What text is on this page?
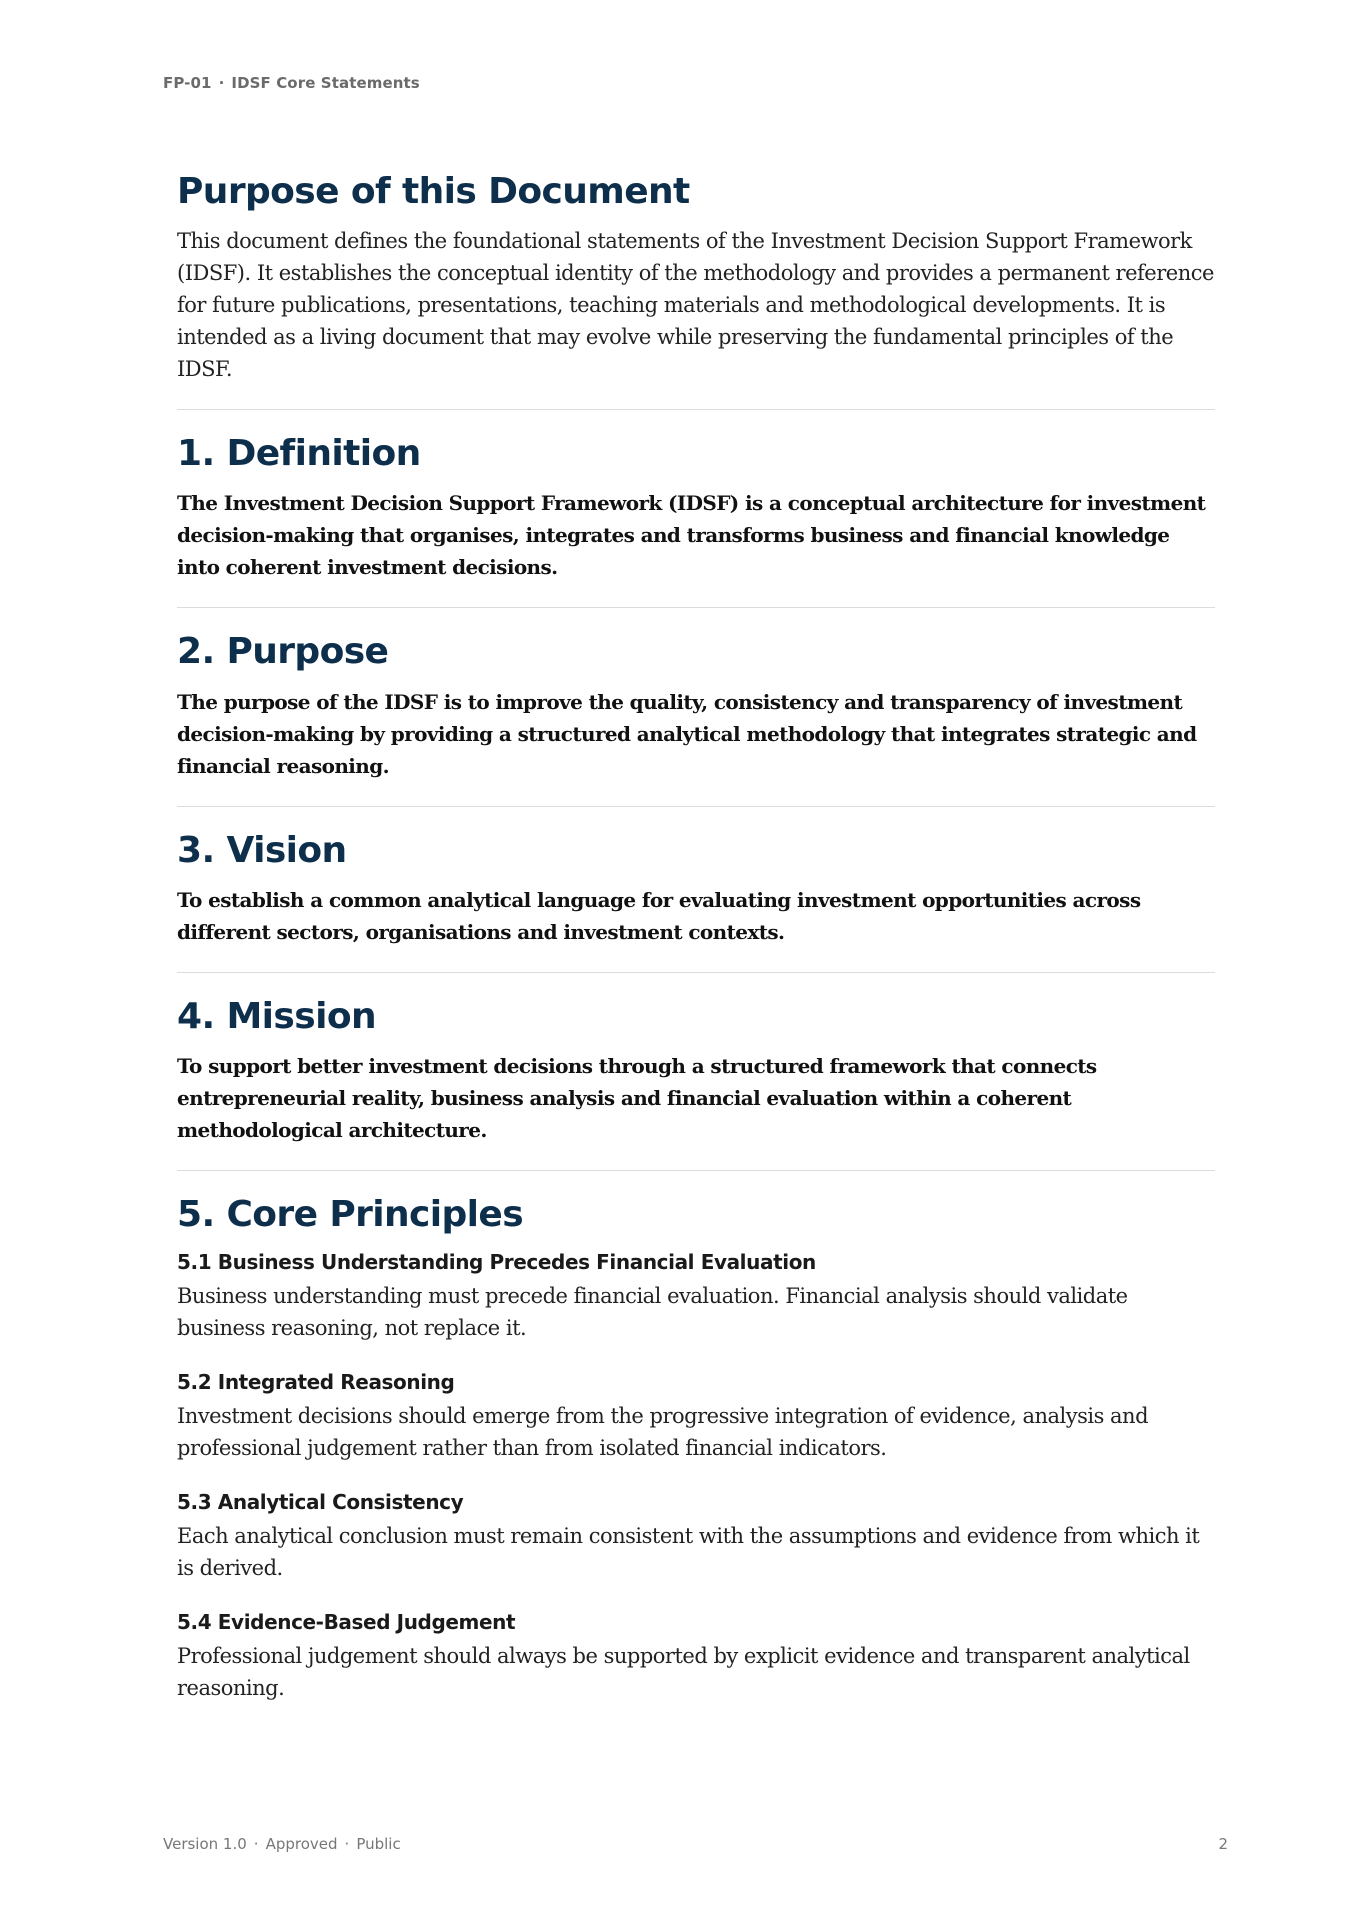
FP-01 · IDSF Core Statements
Purpose of this Document

This document defines the foundational statements of the Investment Decision Support Framework (IDSF). It establishes the conceptual identity of the methodology and provides a permanent reference for future publications, presentations, teaching materials and methodological developments. It is intended as a living document that may evolve while preserving the fundamental principles of the IDSF.

1. Definition

The Investment Decision Support Framework (IDSF) is a conceptual architecture for investment decision-making that organises, integrates and transforms business and financial knowledge into coherent investment decisions.

2. Purpose

The purpose of the IDSF is to improve the quality, consistency and transparency of investment decision-making by providing a structured analytical methodology that integrates strategic and financial reasoning.

3. Vision

To establish a common analytical language for evaluating investment opportunities across different sectors, organisations and investment contexts.

4. Mission

To support better investment decisions through a structured framework that connects entrepreneurial reality, business analysis and financial evaluation within a coherent methodological architecture.

5. Core Principles
5.1 Business Understanding Precedes Financial Evaluation

Business understanding must precede financial evaluation. Financial analysis should validate business reasoning, not replace it.

5.2 Integrated Reasoning

Investment decisions should emerge from the progressive integration of evidence, analysis and professional judgement rather than from isolated financial indicators.

5.3 Analytical Consistency

Each analytical conclusion must remain consistent with the assumptions and evidence from which it is derived.

5.4 Evidence-Based Judgement

Professional judgement should always be supported by explicit evidence and transparent analytical reasoning.

Version 1.0 · Approved · Public	2
